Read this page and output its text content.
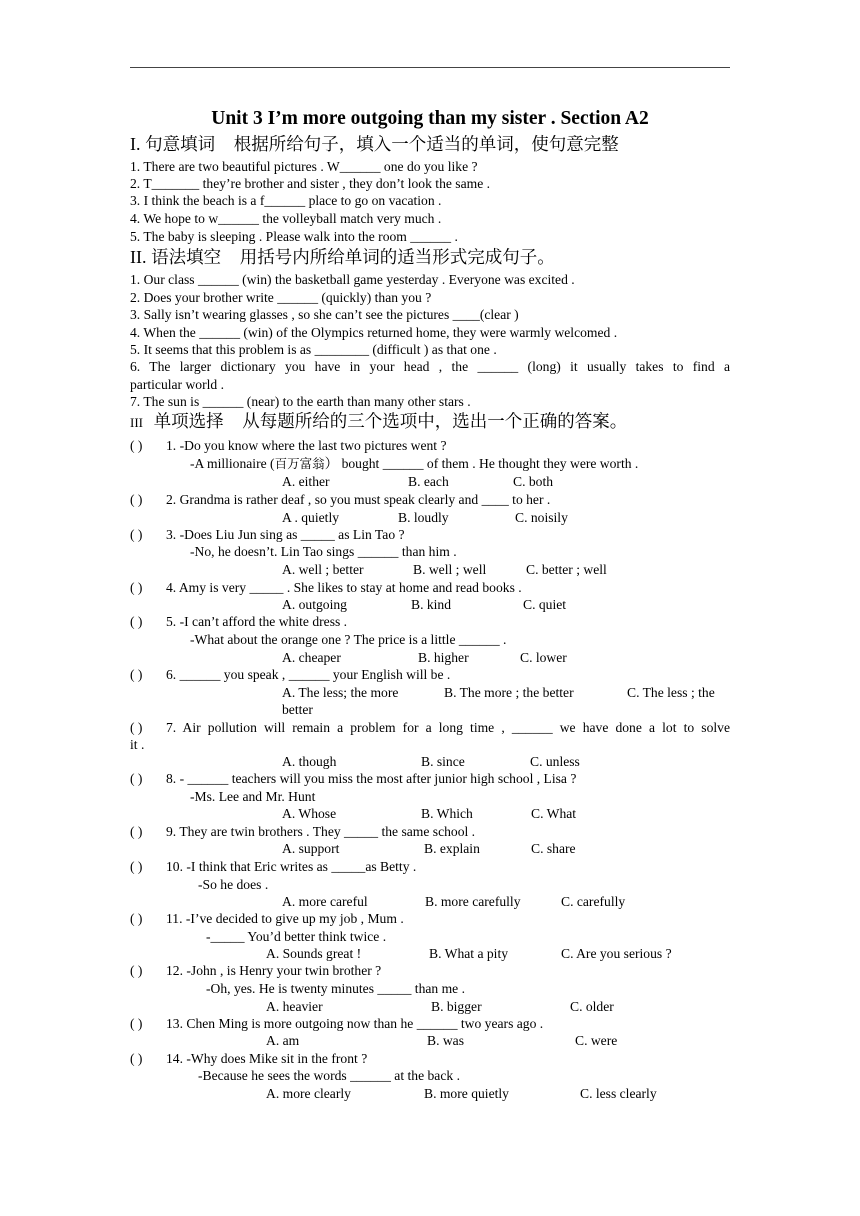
Unit 3 I’m more outgoing than my sister . Section A2
I. 句意填词 根据所给句子，填入一个适当的单词，使句意完整
1. There are two beautiful pictures . W______ one do you like ?
2. T_______ they’re brother and sister , they don’t look the same .
3. I think the beach is a f______ place to go on vacation .
4. We hope to w______ the volleyball match very much .
5. The baby is sleeping . Please walk into the room ______ .
II. 语法填空 用括号内所给单词的适当形式完成句子。
1. Our class ______ (win) the basketball game yesterday . Everyone was excited .
2. Does your brother write ______ (quickly) than you ?
3. Sally isn’t wearing glasses , so she can’t see the pictures ____(clear )
4. When the ______ (win) of the Olympics returned home, they were warmly welcomed .
5. It seems that this problem is as ________ (difficult ) as that one .
6. The larger dictionary you have in your head , the ______ (long) it usually takes to find a
particular world .
7. The sun is ______ (near) to the earth than many other stars .
III 单项选择 从每题所给的三个选项中，选出一个正确的答案。
( ) 1. -Do you know where the last two pictures went ?
-A millionaire (百万富翁） bought ______ of them . He thought they were worth .
A. either	B. each	C. both
( ) 2. Grandma is rather deaf , so you must speak clearly and ____ to her .
A . quietly	B. loudly	C. noisily
( ) 3. -Does Liu Jun sing as _____ as Lin Tao ?
-No, he doesn’t. Lin Tao sings ______ than him .
A. well ; better	B. well ; well	C. better ; well
( ) 4. Amy is very _____ . She likes to stay at home and read books .
A. outgoing	B. kind	C. quiet
( ) 5. -I can’t afford the white dress .
-What about the orange one ? The price is a little ______ .
A. cheaper	B. higher	C. lower
( ) 6. ______ you speak , ______ your English will be .
A. The less; the more	B. The more ; the better	C. The less ; the
better
( ) 7. Air pollution will remain a problem for a long time , ______ we have done a lot to solve
it .
A. though	B. since	C. unless
( ) 8. - ______ teachers will you miss the most after junior high school , Lisa ?
-Ms. Lee and Mr. Hunt
A. Whose	B. Which	C. What
( ) 9. They are twin brothers . They _____ the same school .
A. support	B. explain	C. share
( ) 10. -I think that Eric writes as _____as Betty .
-So he does .
A. more careful	B. more carefully	C. carefully
( ) 11. -I’ve decided to give up my job , Mum .
-_____ You’d better think twice .
A. Sounds great !	B. What a pity	C. Are you serious ?
( ) 12. -John , is Henry your twin brother ?
-Oh, yes. He is twenty minutes _____ than me .
A. heavier	B. bigger	C. older
( ) 13. Chen Ming is more outgoing now than he ______ two years ago .
A. am	B. was	C. were
( ) 14. -Why does Mike sit in the front ?
-Because he sees the words ______ at the back .
A. more clearly	B. more quietly	C. less clearly
